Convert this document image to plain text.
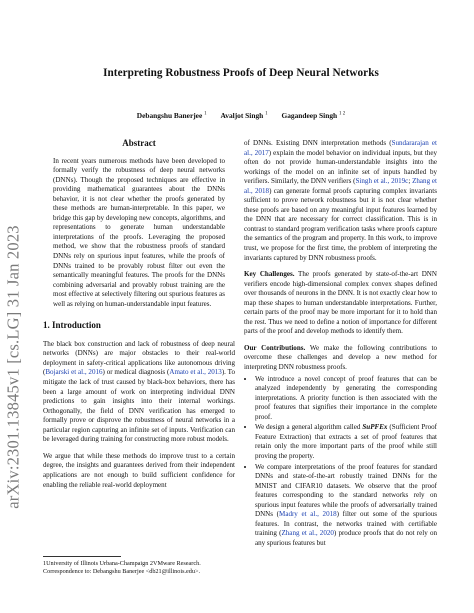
arXiv:2301.13845v1 [cs.LG] 31 Jan 2023
Interpreting Robustness Proofs of Deep Neural Networks
Debangshu Banerjee $^1$ Avaljot Singh $^1$ Gagandeep Singh $^{1 2}$
Abstract

In recent years numerous methods have been developed to formally verify the robustness of deep neural networks (DNNs). Though the proposed techniques are effective in providing mathematical guarantees about the DNNs behavior, it is not clear whether the proofs generated by these methods are human-interpretable. In this paper, we bridge this gap by developing new concepts, algorithms, and representations to generate human understandable interpretations of the proofs. Leveraging the proposed method, we show that the robustness proofs of standard DNNs rely on spurious input features, while the proofs of DNNs trained to be provably robust filter out even the semantically meaningful features. The proofs for the DNNs combining adversarial and provably robust training are the most effective at selectively filtering out spurious features as well as relying on human-understandable input features.

1. Introduction

The black box construction and lack of robustness of deep neural networks (DNNs) are major obstacles to their real-world deployment in safety-critical applications like autonomous driving (Bojarski et al., 2016) or medical diagnosis (Amato et al., 2013). To mitigate the lack of trust caused by black-box behaviors, there has been a large amount of work on interpreting individual DNN predictions to gain insights into their internal workings. Orthogonally, the field of DNN verification has emerged to formally prove or disprove the robustness of neural networks in a particular region capturing an infinite set of inputs. Verification can be leveraged during training for constructing more robust models.

We argue that while these methods do improve trust to a certain degree, the insights and guarantees derived from their independent applications are not enough to build sufficient confidence for enabling the reliable real-world deployment

1University of Illinois Urbana-Champaign 2VMware Research. Correspondence to: Debangshu Banerjee <db21@illinois.edu>.

of DNNs. Existing DNN interpretation methods (Sundararajan et al., 2017) explain the model behavior on individual inputs, but they often do not provide human-understandable insights into the workings of the model on an infinite set of inputs handled by verifiers. Similarly, the DNN verifiers (Singh et al., 2019c; Zhang et al., 2018) can generate formal proofs capturing complex invariants sufficient to prove network robustness but it is not clear whether these proofs are based on any meaningful input features learned by the DNN that are necessary for correct classification. This is in contrast to standard program verification tasks where proofs capture the semantics of the program and property. In this work, to improve trust, we propose for the first time, the problem of interpreting the invariants captured by DNN robustness proofs.

Key Challenges. The proofs generated by state-of-the-art DNN verifiers encode high-dimensional complex convex shapes defined over thousands of neurons in the DNN. It is not exactly clear how to map these shapes to human understandable interpretations. Further, certain parts of the proof may be more important for it to hold than the rest. Thus we need to define a notion of importance for different parts of the proof and develop methods to identify them.

Our Contributions. We make the following contributions to overcome these challenges and develop a new method for interpreting DNN robustness proofs.

• We introduce a novel concept of proof features that can be analyzed independently by generating the corresponding interpretations. A priority function is then associated with the proof features that signifies their importance in the complete proof.
• We design a general algorithm called SuPFEx (Sufficient Proof Feature Extraction) that extracts a set of proof features that retain only the more important parts of the proof while still proving the property.
• We compare interpretations of the proof features for standard DNNs and state-of-the-art robustly trained DNNs for the MNIST and CIFAR10 datasets. We observe that the proof features corresponding to the standard networks rely on spurious input features while the proofs of adversarially trained DNNs (Madry et al., 2018) filter out some of the spurious features. In contrast, the networks trained with certifiable training (Zhang et al., 2020) produce proofs that do not rely on any spurious features but
